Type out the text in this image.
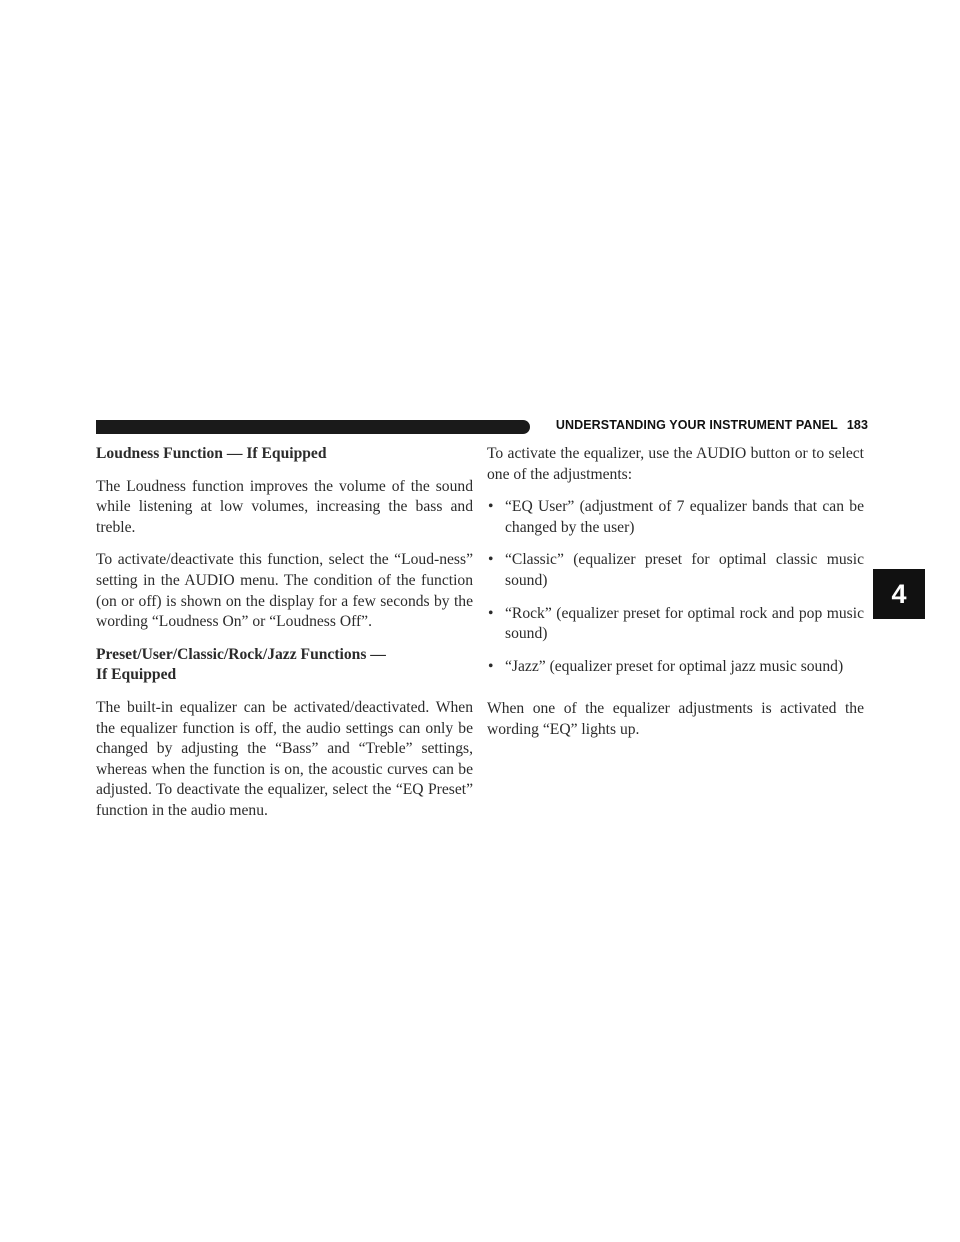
UNDERSTANDING YOUR INSTRUMENT PANEL 183
4
Loudness Function — If Equipped

The Loudness function improves the volume of the sound while listening at low volumes, increasing the bass and treble.

To activate/deactivate this function, select the “Loud-ness” setting in the AUDIO menu. The condition of the function (on or off) is shown on the display for a few seconds by the wording “Loudness On” or “Loudness Off”.

Preset/User/Classic/Rock/Jazz Functions —
If Equipped

The built-in equalizer can be activated/deactivated. When the equalizer function is off, the audio settings can only be changed by adjusting the “Bass” and “Treble” settings, whereas when the function is on, the acoustic curves can be adjusted. To deactivate the equalizer, select the “EQ Preset” function in the audio menu.

To activate the equalizer, use the AUDIO button or to select one of the adjustments:

• “EQ User” (adjustment of 7 equalizer bands that can be changed by the user)
• “Classic” (equalizer preset for optimal classic music sound)
• “Rock” (equalizer preset for optimal rock and pop music sound)
• “Jazz” (equalizer preset for optimal jazz music sound)

When one of the equalizer adjustments is activated the wording “EQ” lights up.
